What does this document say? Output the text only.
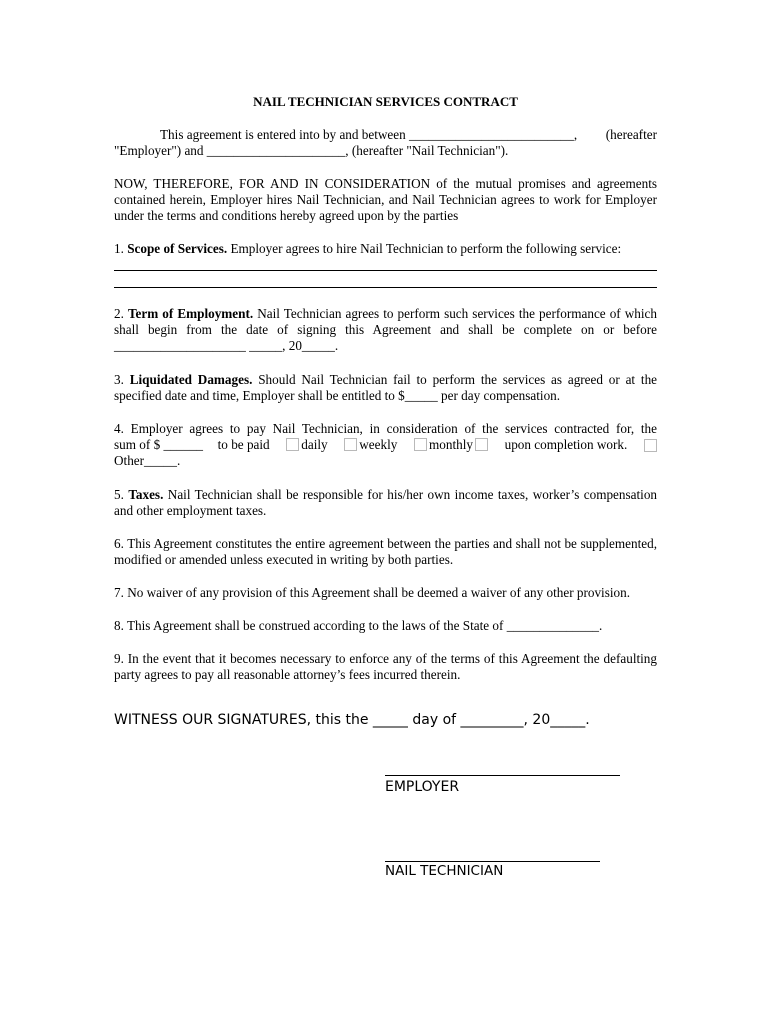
NAIL TECHNICIAN SERVICES CONTRACT
This agreement is entered into by and between _________________________, (hereafter
"Employer") and _____________________, (hereafter "Nail Technician").
NOW, THEREFORE, FOR AND IN CONSIDERATION of the mutual promises and agreements contained herein, Employer hires Nail Technician, and Nail Technician agrees to work for Employer under the terms and conditions hereby agreed upon by the parties
1. Scope of Services. Employer agrees to hire Nail Technician to perform the following service:
2. Term of Employment. Nail Technician agrees to perform such services the performance of which shall begin from the date of signing this Agreement and shall be complete on or before ____________________ _____, 20_____.
3. Liquidated Damages. Should Nail Technician fail to perform the services as agreed or at the specified date and time, Employer shall be entitled to $_____ per day compensation.
4. Employer agrees to pay Nail Technician, in consideration of the services contracted for, the
sum of $ ______ to be paid	daily	weekly	monthly	upon completion work.
Other_____.
5. Taxes. Nail Technician shall be responsible for his/her own income taxes, worker’s compensation and other employment taxes.
6. This Agreement constitutes the entire agreement between the parties and shall not be supplemented, modified or amended unless executed in writing by both parties.
7. No waiver of any provision of this Agreement shall be deemed a waiver of any other provision.
8. This Agreement shall be construed according to the laws of the State of ______________.
9. In the event that it becomes necessary to enforce any of the terms of this Agreement the defaulting party agrees to pay all reasonable attorney’s fees incurred therein.
WITNESS OUR SIGNATURES, this the _____ day of _________, 20_____.
EMPLOYER
NAIL TECHNICIAN
